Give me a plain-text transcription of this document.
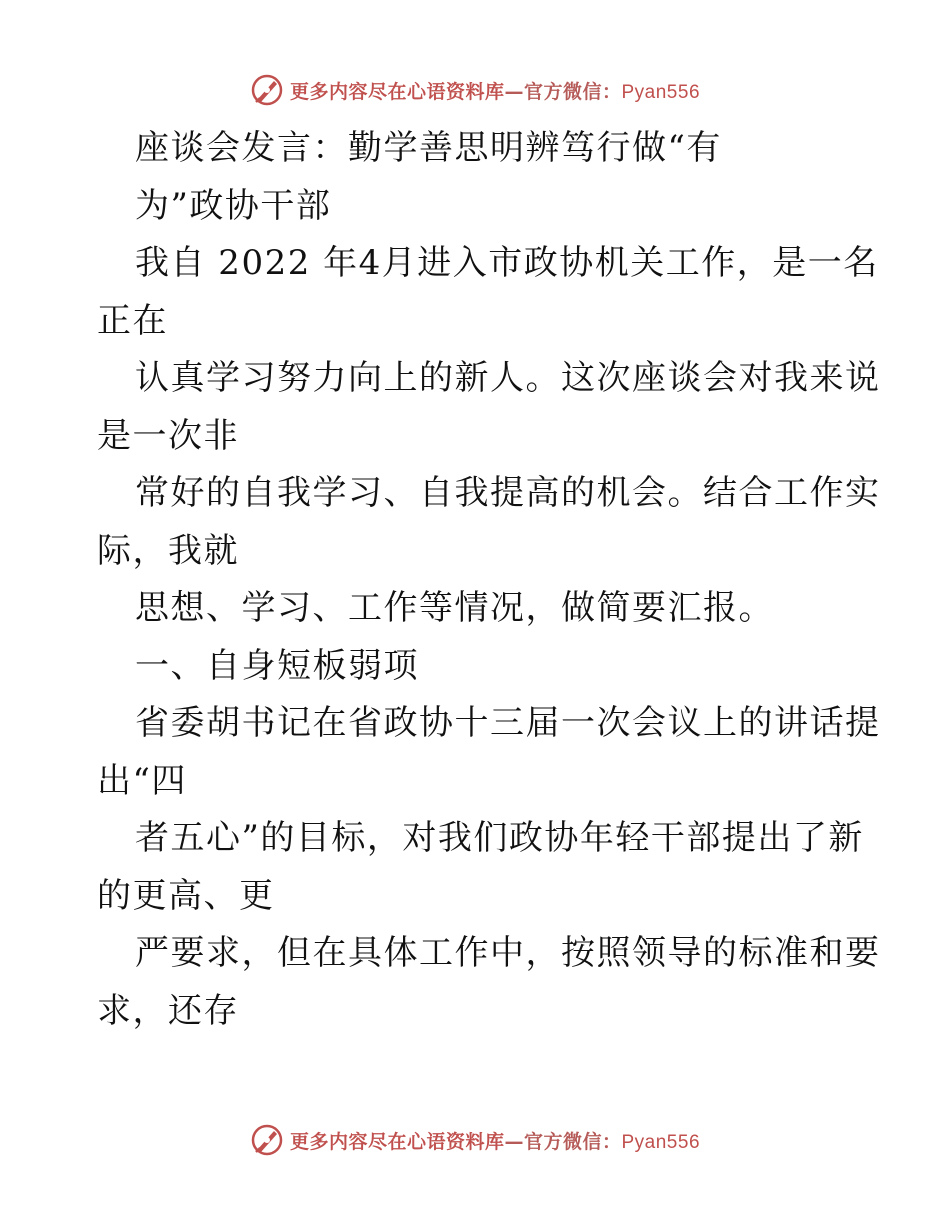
更多内容尽在心语资料库—官方微信：Pyan556
座谈会发言：勤学善思明辨笃行做“有
为”政协干部
我自 2022 年4月进入市政协机关工作，是一名
正在
认真学习努力向上的新人。这次座谈会对我来说
是一次非
常好的自我学习、自我提高的机会。结合工作实
际，我就
思想、学习、工作等情况，做简要汇报。
一、自身短板弱项
省委胡书记在省政协十三届一次会议上的讲话提
出“四
者五心”的目标，对我们政协年轻干部提出了新
的更高、更
严要求，但在具体工作中，按照领导的标准和要
求，还存
更多内容尽在心语资料库—官方微信：Pyan556
